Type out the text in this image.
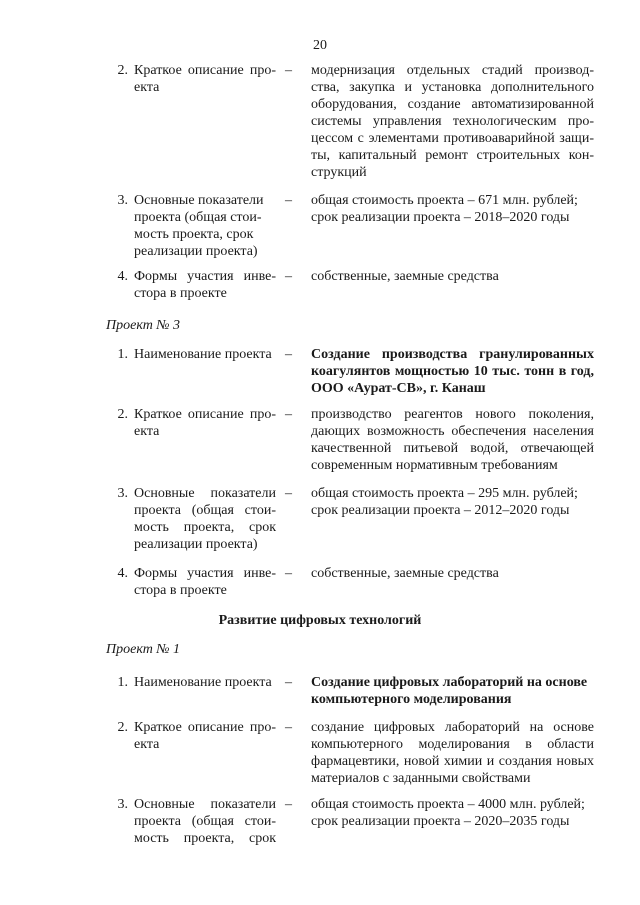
20
2. Краткое описание про-
екта
– модернизация отдельных стадий производ-
ства, закупка и установка дополнительного
оборудования, создание автоматизированной
системы управления технологическим про-
цессом с элементами противоаварийной защи-
ты, капитальный ремонт строительных кон-
струкций
3. Основные показатели
проекта (общая стои-
мость проекта, срок
реализации проекта)
– общая стоимость проекта – 671 млн. рублей;
срок реализации проекта – 2018–2020 годы
4. Формы участия инве-
стора в проекте
– собственные, заемные средства
Проект № 3
1. Наименование проекта – Создание производства гранулированных
коагулянтов мощностью 10 тыс. тонн в год,
ООО «Аурат-СВ», г. Канаш
2. Краткое описание про-
екта
– производство реагентов нового поколения,
дающих возможность обеспечения населения
качественной питьевой водой, отвечающей
современным нормативным требованиям
3. Основные показатели
проекта (общая стои-
мость проекта, срок
реализации проекта)
– общая стоимость проекта – 295 млн. рублей;
срок реализации проекта – 2012–2020 годы
4. Формы участия инве-
стора в проекте
– собственные, заемные средства
Развитие цифровых технологий
Проект № 1
1. Наименование проекта – Создание цифровых лабораторий на основе
компьютерного моделирования
2. Краткое описание про-
екта
– создание цифровых лабораторий на основе
компьютерного моделирования в области
фармацевтики, новой химии и создания новых
материалов с заданными свойствами
3. Основные показатели
проекта (общая стои-
мость проекта, срок
– общая стоимость проекта – 4000 млн. рублей;
срок реализации проекта – 2020–2035 годы
